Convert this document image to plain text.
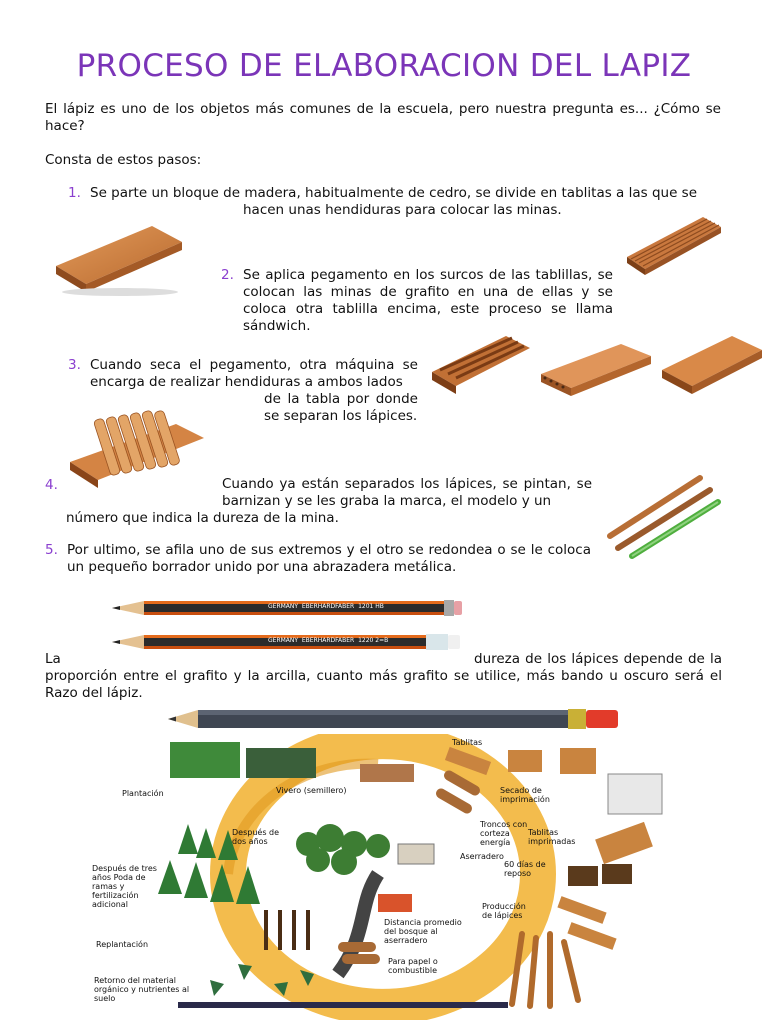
PROCESO DE ELABORACION DEL LAPIZ
El lápiz es uno de los objetos más comunes de la escuela, pero nuestra pregunta es... ¿Cómo se hace?
Consta de estos pasos:
1. Se parte un bloque de madera, habitualmente de cedro, se divide en tablitas a las que se
hacen unas hendiduras para colocar las minas.
2. Se aplica pegamento en los surcos de las tablillas, se colocan las minas de grafito en una de ellas y se coloca otra tablilla encima, este proceso se llama sándwich.
3. Cuando seca el pegamento, otra máquina se encarga de realizar hendiduras a ambos lados
de la tabla por donde se separan los lápices.
4.	Cuando ya están separados los lápices, se pintan, se barnizan y se les graba la marca, el modelo y un
número que indica la dureza de la mina.
5. Por ultimo, se afila uno de sus extremos y el otro se redondea o se le coloca un pequeño borrador unido por una abrazadera metálica.
GERMANY EBERHARDFABER 1201 HB
GERMANY EBERHARDFABER 1220 2=B
La	dureza de los lápices depende de la proporción entre el grafito y la arcilla, cuanto más grafito se utilice, más bando u oscuro será el Razo del lápiz.
Tablitas
Secado de imprimación
Plantación	Vivero (semillero)
Después de dos años
Troncos con corteza energía
Tablitas imprimadas
Aserradero
60 días de reposo
Después de tres años Poda de ramas y fertilización adicional	Producción de lápices
Distancia promedio del bosque al aserradero
Replantación
Para papel o combustible
Retorno del material orgánico y nutrientes al suelo
